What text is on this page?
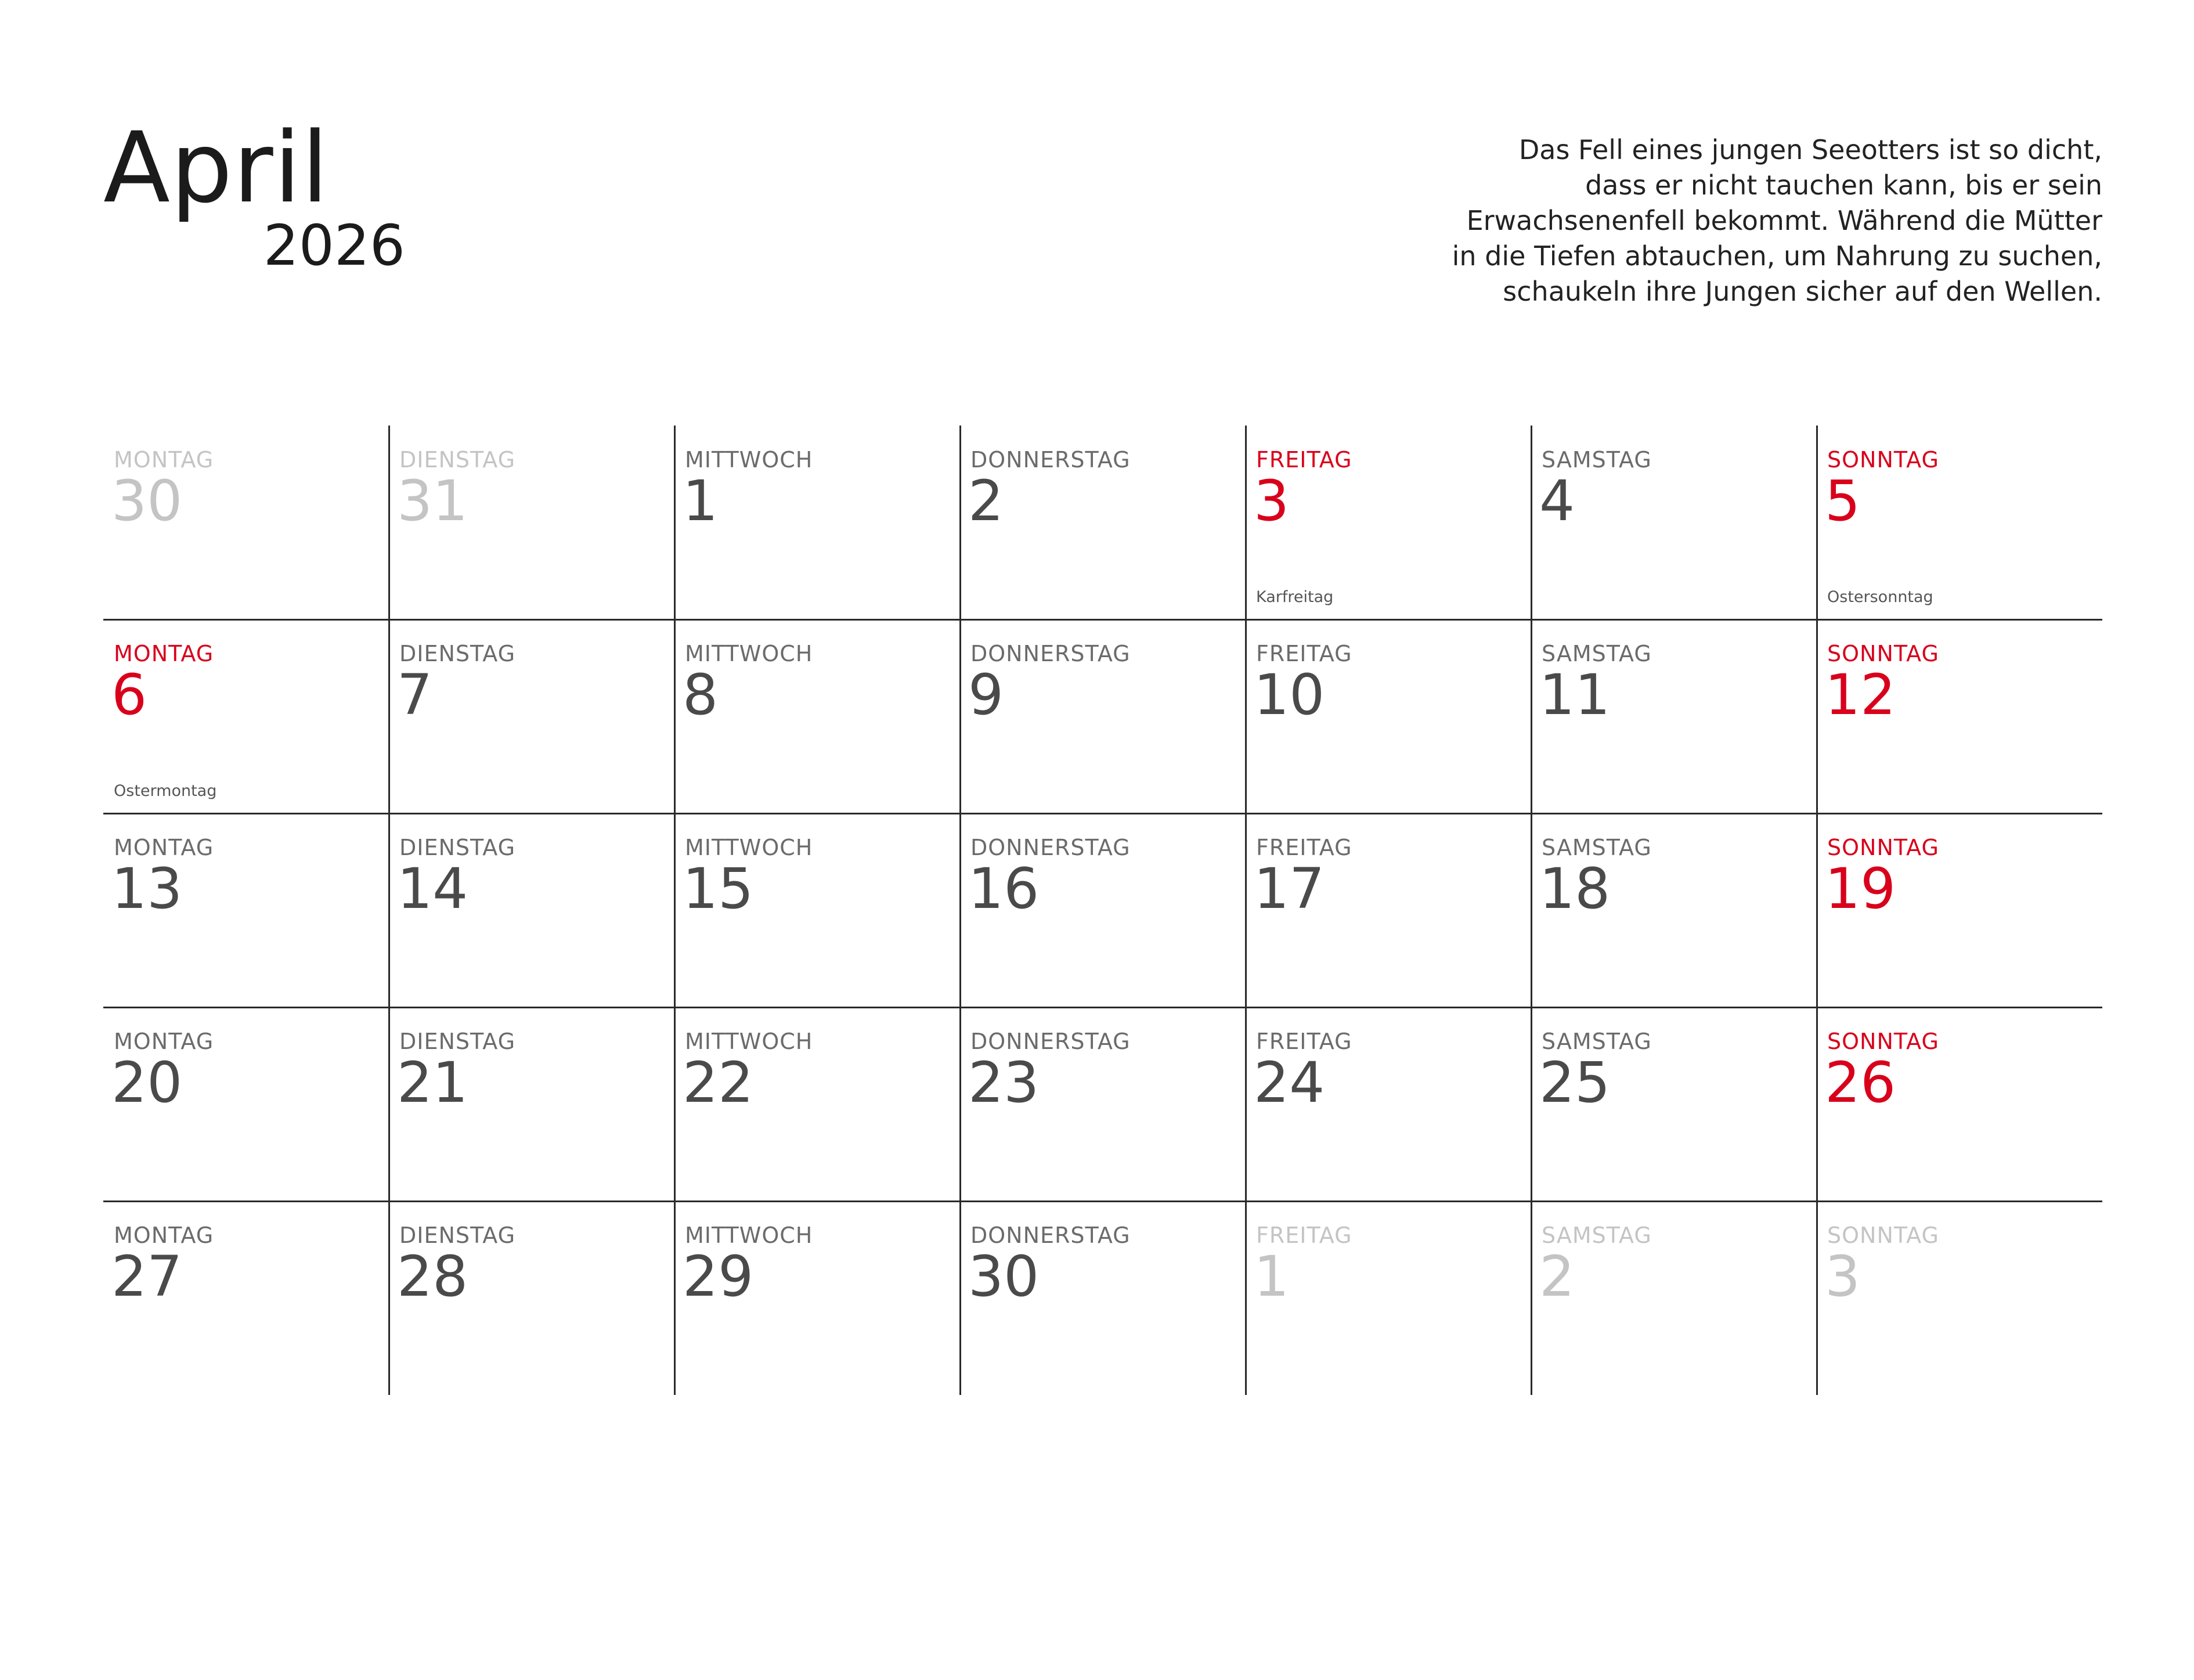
April
2026
Das Fell eines jungen Seeotters ist so dicht,
dass er nicht tauchen kann, bis er sein
Erwachsenenfell bekommt. Während die Mütter
in die Tiefen abtauchen, um Nahrung zu suchen,
schaukeln ihre Jungen sicher auf den Wellen.
MONTAG
30
DIENSTAG
31
MITTWOCH
1
DONNERSTAG
2
FREITAG
3
Karfreitag
SAMSTAG
4
SONNTAG
5
Ostersonntag
MONTAG
6
Ostermontag
DIENSTAG
7
MITTWOCH
8
DONNERSTAG
9
FREITAG
10
SAMSTAG
11
SONNTAG
12
MONTAG
13
DIENSTAG
14
MITTWOCH
15
DONNERSTAG
16
FREITAG
17
SAMSTAG
18
SONNTAG
19
MONTAG
20
DIENSTAG
21
MITTWOCH
22
DONNERSTAG
23
FREITAG
24
SAMSTAG
25
SONNTAG
26
MONTAG
27
DIENSTAG
28
MITTWOCH
29
DONNERSTAG
30
FREITAG
1
SAMSTAG
2
SONNTAG
3
